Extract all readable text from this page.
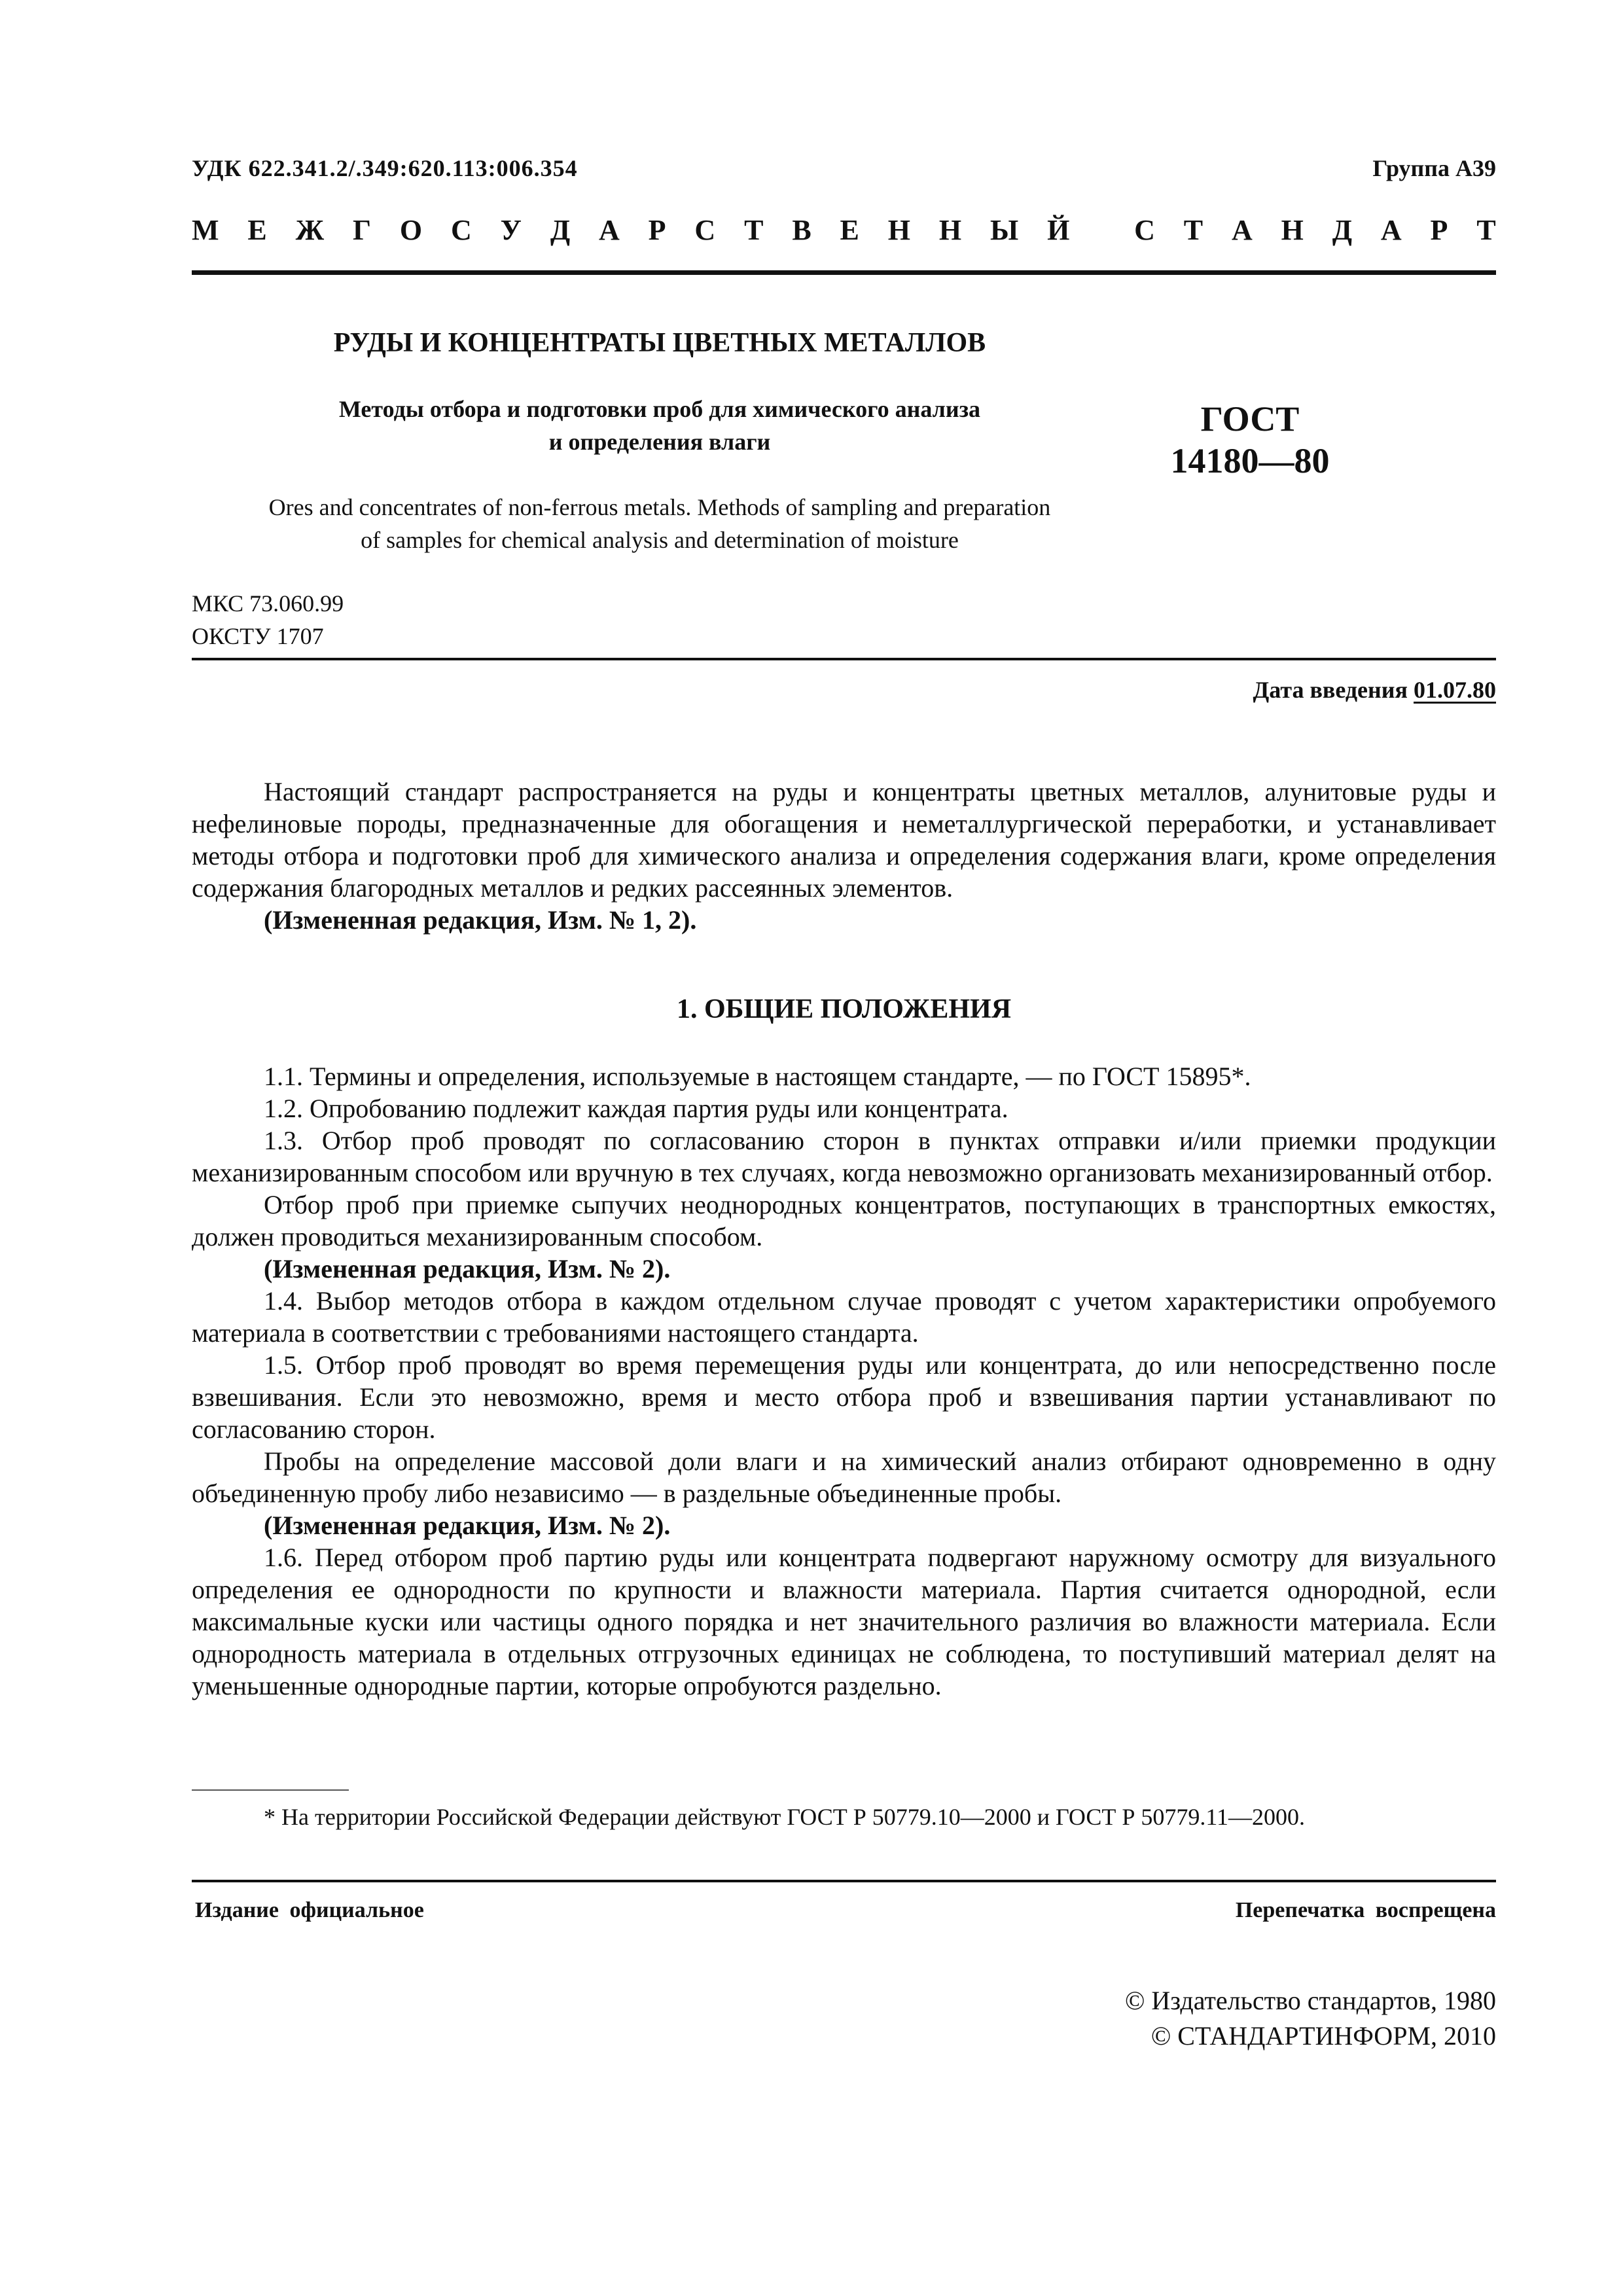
УДК 622.341.2/.349:620.113:006.354	Группа А39
М Е Ж Г О С У Д А Р С Т В Е Н Н Ы Й
С Т А Н Д А Р Т
РУДЫ И КОНЦЕНТРАТЫ ЦВЕТНЫХ МЕТАЛЛОВ
Методы отбора и подготовки проб для химического анализа
и определения влаги
ГОСТ
14180—80
Ores and concentrates of non-ferrous metals. Methods of sampling and preparation
of samples for chemical analysis and determination of moisture
МКС 73.060.99
ОКСТУ 1707
Дата введения 01.07.80

Настоящий стандарт распространяется на руды и концентраты цветных металлов, алунитовые руды и нефелиновые породы, предназначенные для обогащения и неметаллургической переработки, и устанавливает методы отбора и подготовки проб для химического анализа и определения содержания влаги, кроме определения содержания благородных металлов и редких рассеянных элементов.

(Измененная редакция, Изм. № 1, 2).

1. ОБЩИЕ ПОЛОЖЕНИЯ

1.1. Термины и определения, используемые в настоящем стандарте, — по ГОСТ 15895*.

1.2. Опробованию подлежит каждая партия руды или концентрата.

1.3. Отбор проб проводят по согласованию сторон в пунктах отправки и/или приемки продукции механизированным способом или вручную в тех случаях, когда невозможно организовать механизированный отбор.

Отбор проб при приемке сыпучих неоднородных концентратов, поступающих в транспортных емкостях, должен проводиться механизированным способом.

(Измененная редакция, Изм. № 2).

1.4. Выбор методов отбора в каждом отдельном случае проводят с учетом характеристики опробуемого материала в соответствии с требованиями настоящего стандарта.

1.5. Отбор проб проводят во время перемещения руды или концентрата, до или непосредственно после взвешивания. Если это невозможно, время и место отбора проб и взвешивания партии устанавливают по согласованию сторон.

Пробы на определение массовой доли влаги и на химический анализ отбирают одновременно в одну объединенную пробу либо независимо — в раздельные объединенные пробы.

(Измененная редакция, Изм. № 2).

1.6. Перед отбором проб партию руды или концентрата подвергают наружному осмотру для визуального определения ее однородности по крупности и влажности материала. Партия считается однородной, если максимальные куски или частицы одного порядка и нет значительного различия во влажности материала. Если однородность материала в отдельных отгрузочных единицах не соблюдена, то поступивший материал делят на уменьшенные однородные партии, которые опробуются раздельно.

* На территории Российской Федерации действуют ГОСТ Р 50779.10—2000 и ГОСТ Р 50779.11—2000.
Издание официальное	Перепечатка воспрещена
© Издательство стандартов, 1980
© СТАНДАРТИНФОРМ, 2010
